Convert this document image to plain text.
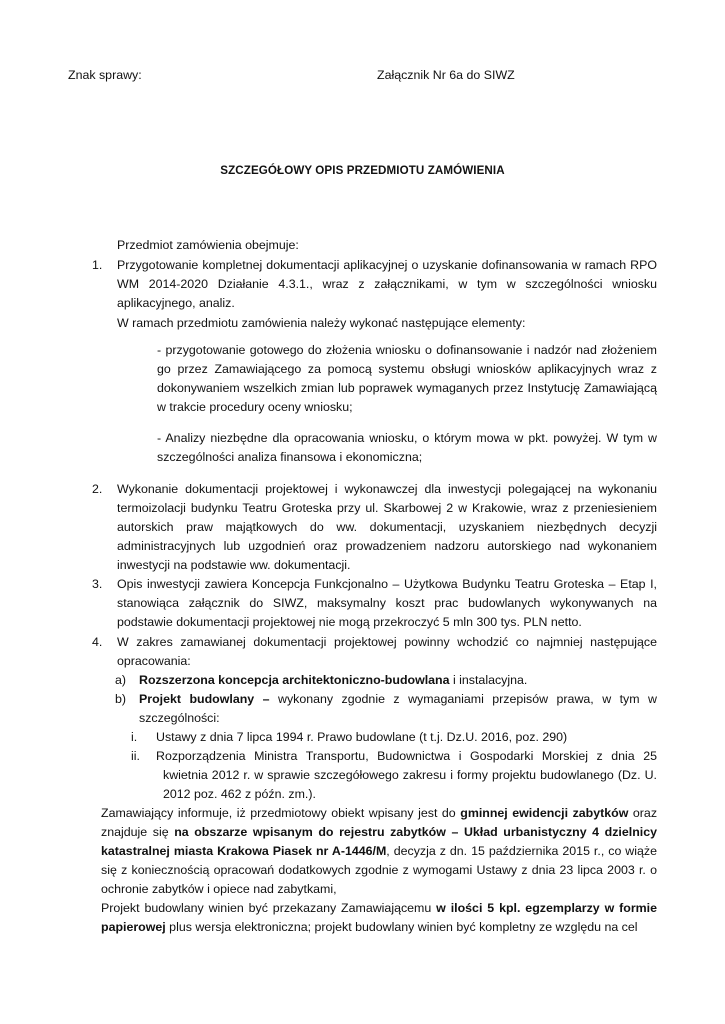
Znak sprawy:	Załącznik Nr 6a do SIWZ
SZCZEGÓŁOWY OPIS PRZEDMIOTU ZAMÓWIENIA
Przedmiot zamówienia obejmuje:
1. Przygotowanie kompletnej dokumentacji aplikacyjnej o uzyskanie dofinansowania w ramach RPO WM 2014-2020 Działanie 4.3.1., wraz z załącznikami, w tym w szczególności wniosku aplikacyjnego, analiz.
W ramach przedmiotu zamówienia należy wykonać następujące elementy:
- przygotowanie gotowego do złożenia wniosku o dofinansowanie i nadzór nad złożeniem go przez Zamawiającego za pomocą systemu obsługi wniosków aplikacyjnych wraz z dokonywaniem wszelkich zmian lub poprawek wymaganych przez Instytucję Zamawiającą w trakcie procedury oceny wniosku;
- Analizy niezbędne dla opracowania wniosku, o którym mowa w pkt. powyżej. W tym w szczególności analiza finansowa i ekonomiczna;
2. Wykonanie dokumentacji projektowej i wykonawczej dla inwestycji polegającej na wykonaniu termoizolacji budynku Teatru Groteska przy ul. Skarbowej 2 w Krakowie, wraz z przeniesieniem autorskich praw majątkowych do ww. dokumentacji, uzyskaniem niezbędnych decyzji administracyjnych lub uzgodnień oraz prowadzeniem nadzoru autorskiego nad wykonaniem inwestycji na podstawie ww. dokumentacji.
3. Opis inwestycji zawiera Koncepcja Funkcjonalno – Użytkowa Budynku Teatru Groteska – Etap I, stanowiąca załącznik do SIWZ, maksymalny koszt prac budowlanych wykonywanych na podstawie dokumentacji projektowej nie mogą przekroczyć 5 mln 300 tys. PLN netto.
4. W zakres zamawianej dokumentacji projektowej powinny wchodzić co najmniej następujące opracowania:
a) Rozszerzona koncepcja architektoniczno-budowlana i instalacyjna.
b) Projekt budowlany – wykonany zgodnie z wymaganiami przepisów prawa, w tym w szczególności:
i. Ustawy z dnia 7 lipca 1994 r. Prawo budowlane (t t.j. Dz.U. 2016, poz. 290)
ii. Rozporządzenia Ministra Transportu, Budownictwa i Gospodarki Morskiej z dnia 25 kwietnia 2012 r. w sprawie szczegółowego zakresu i formy projektu budowlanego (Dz. U. 2012 poz. 462 z późn. zm.).
Zamawiający informuje, iż przedmiotowy obiekt wpisany jest do gminnej ewidencji zabytków oraz znajduje się na obszarze wpisanym do rejestru zabytków – Układ urbanistyczny 4 dzielnicy katastralnej miasta Krakowa Piasek nr A-1446/M, decyzja z dn. 15 października 2015 r., co wiąże się z koniecznością opracowań dodatkowych zgodnie z wymogami Ustawy z dnia 23 lipca 2003 r. o ochronie zabytków i opiece nad zabytkami,
Projekt budowlany winien być przekazany Zamawiającemu w ilości 5 kpl. egzemplarzy w formie papierowej plus wersja elektroniczna; projekt budowlany winien być kompletny ze względu na cel
